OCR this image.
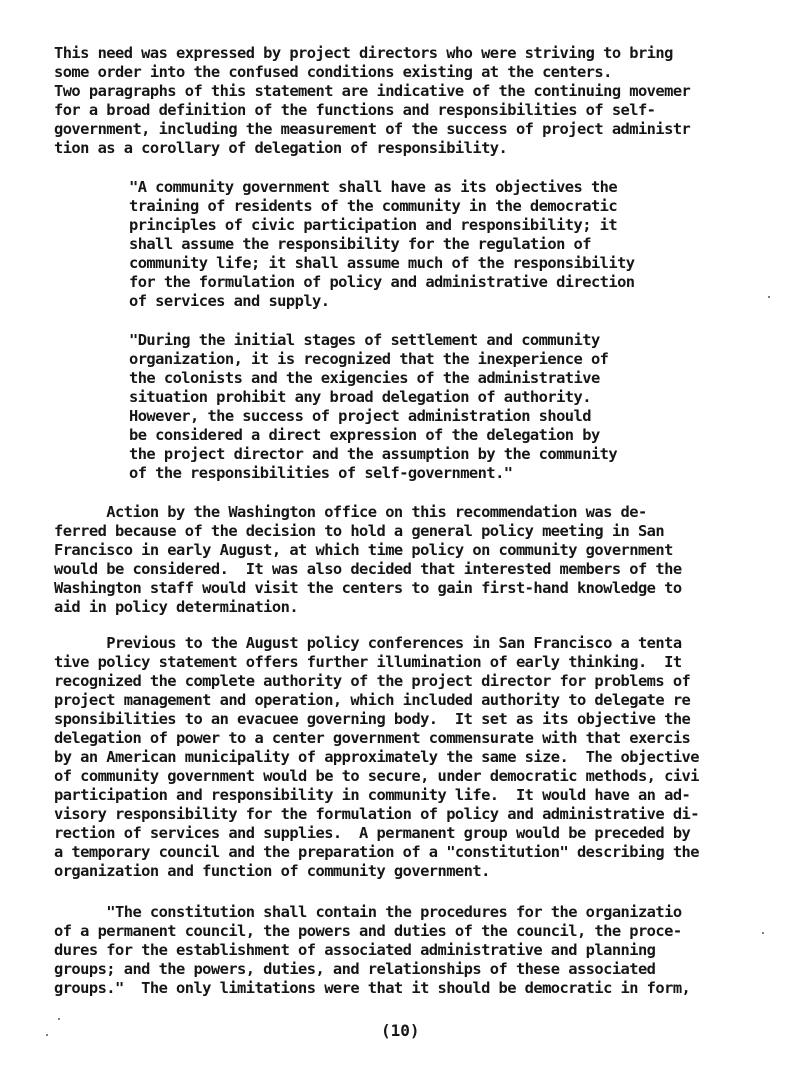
This need was expressed by project directors who were striving to bring
some order into the confused conditions existing at the centers.
Two paragraphs of this statement are indicative of the continuing movemer
for a broad definition of the functions and responsibilities of self-
government, including the measurement of the success of project administr
tion as a corollary of delegation of responsibility.
"A community government shall have as its objectives the
training of residents of the community in the democratic
principles of civic participation and responsibility; it
shall assume the responsibility for the regulation of
community life; it shall assume much of the responsibility
for the formulation of policy and administrative direction
of services and supply.
"During the initial stages of settlement and community
organization, it is recognized that the inexperience of
the colonists and the exigencies of the administrative
situation prohibit any broad delegation of authority.
However, the success of project administration should
be considered a direct expression of the delegation by
the project director and the assumption by the community
of the responsibilities of self-government."
Action by the Washington office on this recommendation was de-
ferred because of the decision to hold a general policy meeting in San
Francisco in early August, at which time policy on community government
would be considered.  It was also decided that interested members of the
Washington staff would visit the centers to gain first-hand knowledge to
aid in policy determination.
Previous to the August policy conferences in San Francisco a tenta
tive policy statement offers further illumination of early thinking.  It
recognized the complete authority of the project director for problems of
project management and operation, which included authority to delegate re
sponsibilities to an evacuee governing body.  It set as its objective the
delegation of power to a center government commensurate with that exercis
by an American municipality of approximately the same size.  The objective
of community government would be to secure, under democratic methods, civi
participation and responsibility in community life.  It would have an ad-
visory responsibility for the formulation of policy and administrative di-
rection of services and supplies.  A permanent group would be preceded by
a temporary council and the preparation of a "constitution" describing the
organization and function of community government.
"The constitution shall contain the procedures for the organizatio
of a permanent council, the powers and duties of the council, the proce-
dures for the establishment of associated administrative and planning
groups; and the powers, duties, and relationships of these associated
groups."  The only limitations were that it should be democratic in form,
(10)
